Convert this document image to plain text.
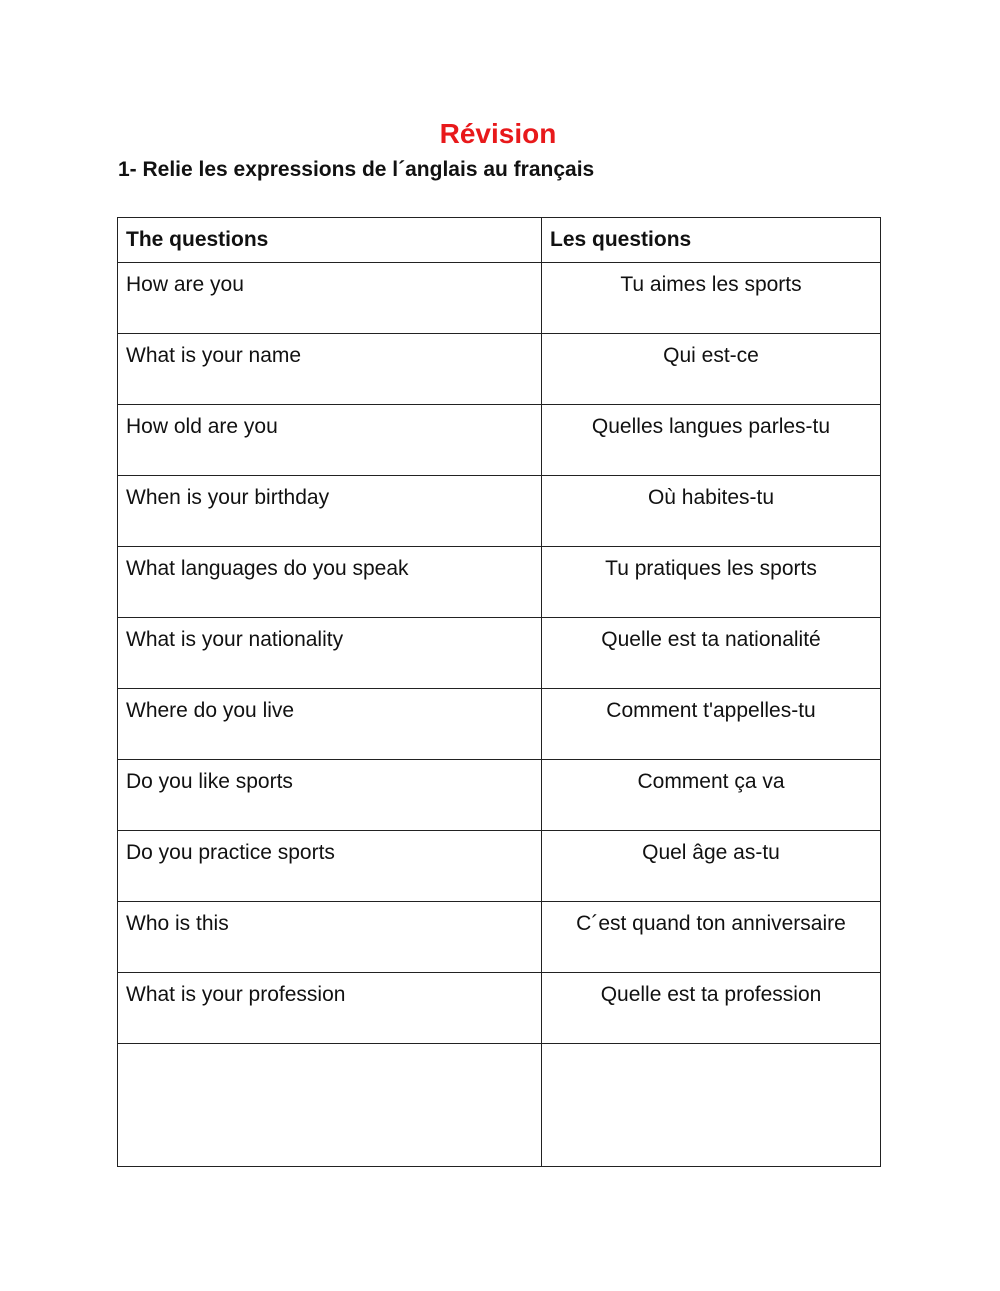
Révision
1- Relie les expressions de l´anglais au français
The questions	Les questions
How are you	Tu aimes les sports
What is your name	Qui est-ce
How old are you	Quelles langues parles-tu
When is your birthday	Où habites-tu
What languages do you speak	Tu pratiques les sports
What is your nationality	Quelle est ta nationalité
Where do you live	Comment t'appelles-tu
Do you like sports	Comment ça va
Do you practice sports	Quel âge as-tu
Who is this	C´est quand ton anniversaire
What is your profession	Quelle est ta profession
